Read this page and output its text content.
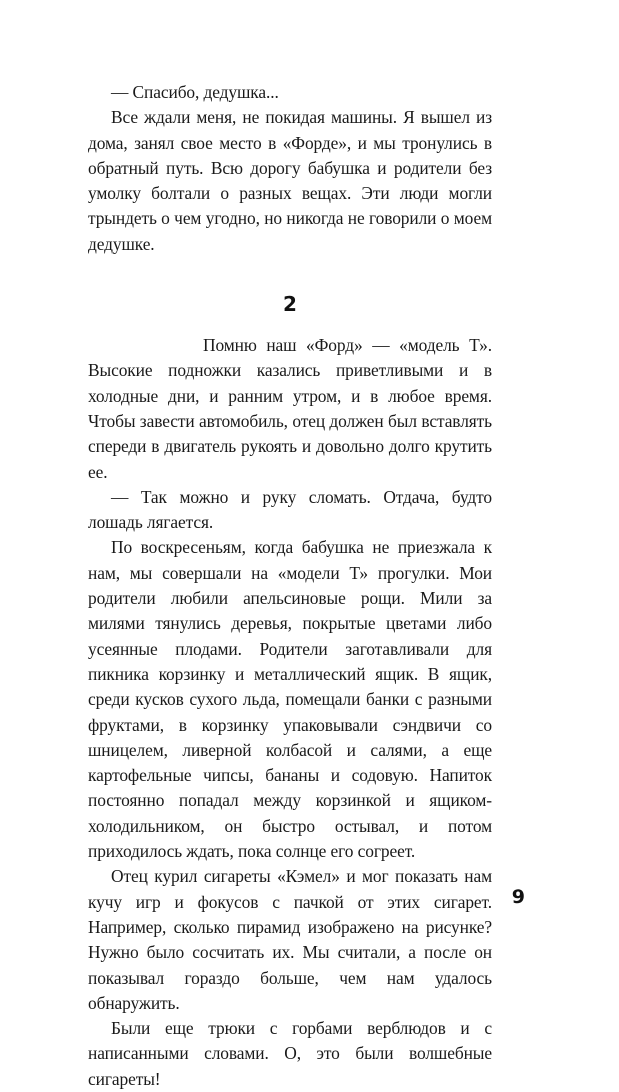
— Спасибо, дедушка...

Все ждали меня, не покидая машины. Я вышел из дома, занял свое место в «Форде», и мы тронулись в обратный путь. Всю дорогу бабушка и родители без умолку болтали о разных вещах. Эти люди могли трындеть о чем угодно, но никогда не говорили о моем дедушке.

2

Помню наш «Форд» — «модель Т». Высокие подножки казались приветливыми и в холодные дни, и ранним утром, и в любое время. Чтобы завести автомобиль, отец должен был вставлять спереди в двигатель рукоять и довольно долго крутить ее.

— Так можно и руку сломать. Отдача, будто лошадь лягается.

По воскресеньям, когда бабушка не приезжала к нам, мы совершали на «модели Т» прогулки. Мои родители любили апельсиновые рощи. Мили за милями тянулись деревья, покрытые цветами либо усеянные плодами. Родители заготавливали для пикника корзинку и металлический ящик. В ящик, среди кусков сухого льда, помещали банки с разными фруктами, в корзинку упаковывали сэндвичи со шницелем, ливерной колбасой и салями, а еще картофельные чипсы, бананы и содовую. Напиток постоянно попадал между корзинкой и ящиком-холодильником, он быстро остывал, и потом приходилось ждать, пока солнце его согреет.

Отец курил сигареты «Кэмел» и мог показать нам кучу игр и фокусов с пачкой от этих сигарет. Например, сколько пирамид изображено на рисунке? Нужно было сосчитать их. Мы считали, а после он показывал гораздо больше, чем нам удалось обнаружить.

Были еще трюки с горбами верблюдов и с написанными словами. О, это были волшебные сигареты!

9
